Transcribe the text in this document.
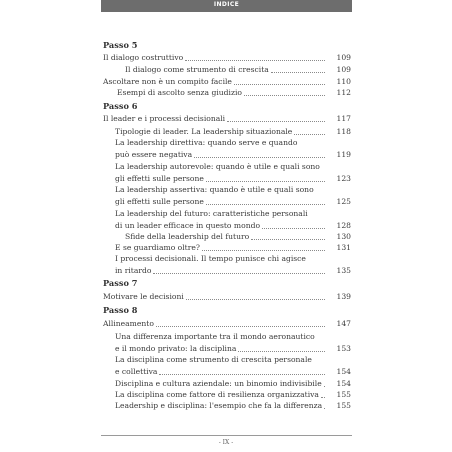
INDICE
Passo 5
Il dialogo costruttivo	109
Il dialogo come strumento di crescita	109
Ascoltare non è un compito facile	110
Esempi di ascolto senza giudizio	112
Passo 6
Il leader e i processi decisionali	117
Tipologie di leader. La leadership situazionale	118
La leadership direttiva: quando serve e quando
può essere negativa	119
La leadership autorevole: quando è utile e quali sono
gli effetti sulle persone	123
La leadership assertiva: quando è utile e quali sono
gli effetti sulle persone	125
La leadership del futuro: caratteristiche personali
di un leader efficace in questo mondo	128
Sfide della leadership del futuro	130
E se guardiamo oltre?	131
I processi decisionali. Il tempo punisce chi agisce
in ritardo	135
Passo 7
Motivare le decisioni	139
Passo 8
Allineamento	147
Una differenza importante tra il mondo aeronautico
e il mondo privato: la disciplina	153
La disciplina come strumento di crescita personale
e collettiva	154
Disciplina e cultura aziendale: un binomio indivisibile 154
La disciplina come fattore di resilienza organizzativa 155
Leadership e disciplina: l'esempio che fa la differenza 155
- IX -
